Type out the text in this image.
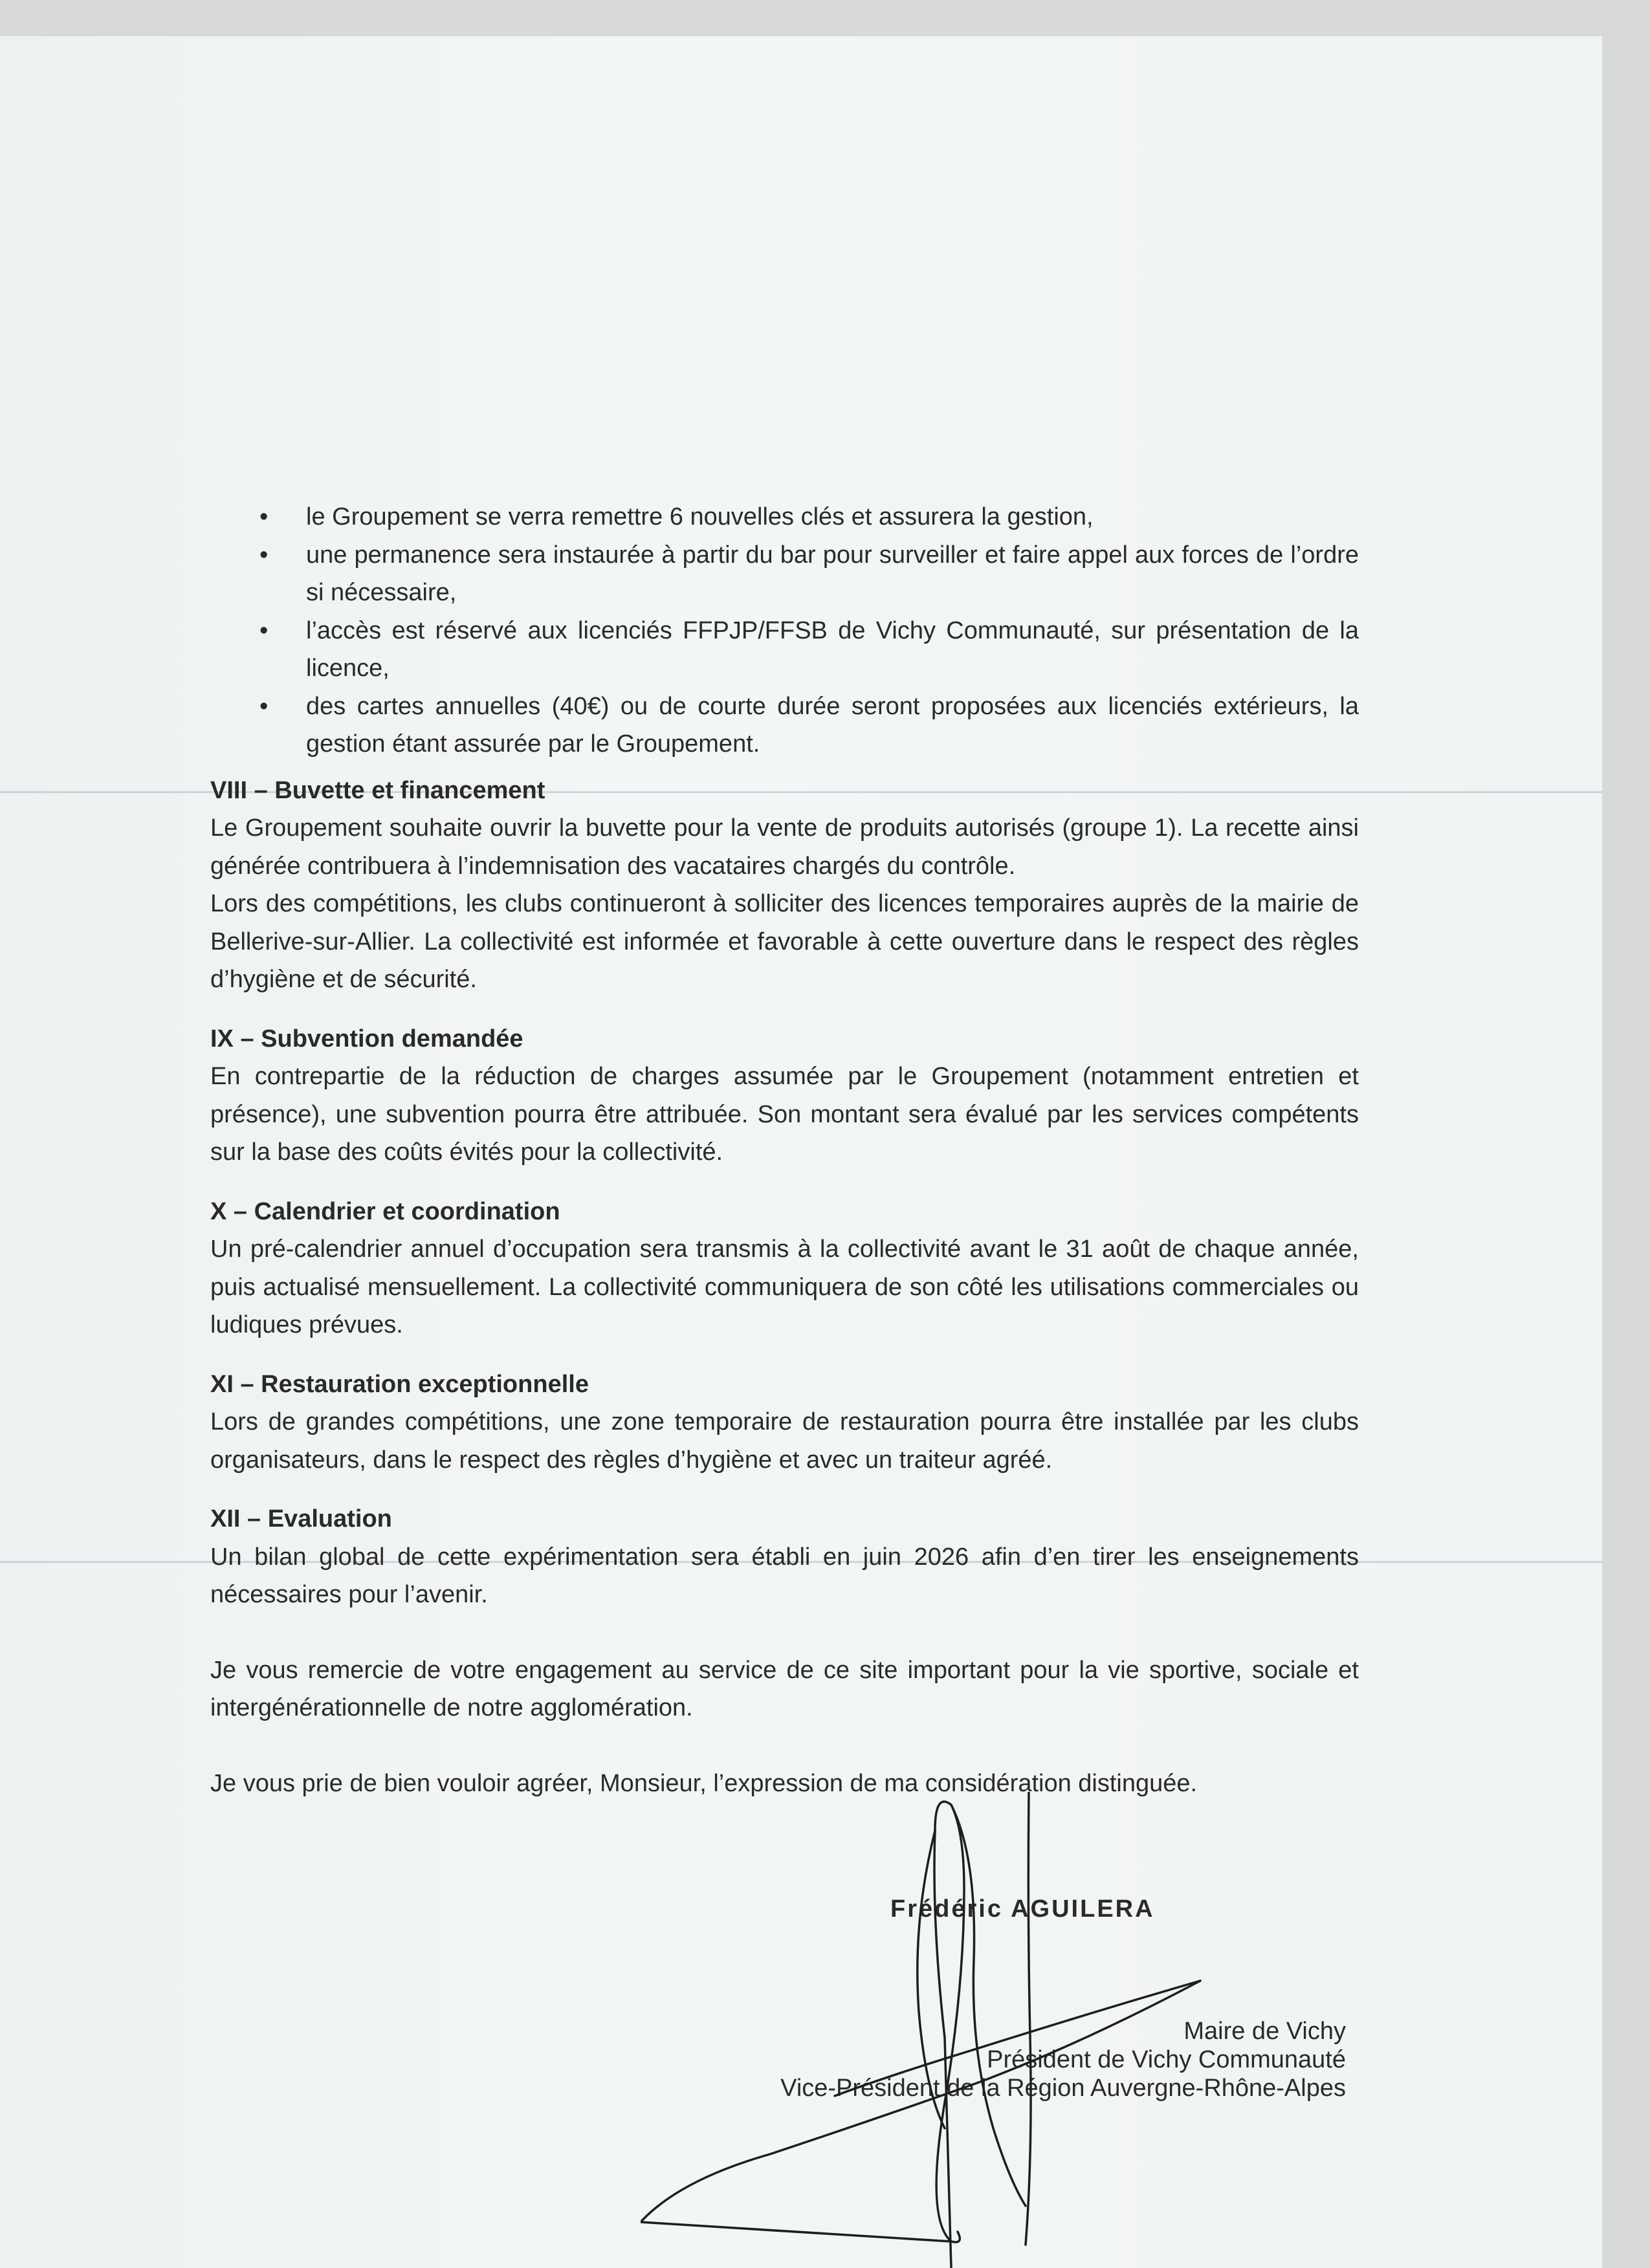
• le Groupement se verra remettre 6 nouvelles clés et assurera la gestion,
• une permanence sera instaurée à partir du bar pour surveiller et faire appel aux forces de l’ordre si nécessaire,
• l’accès est réservé aux licenciés FFPJP/FFSB de Vichy Communauté, sur présentation de la licence,
• des cartes annuelles (40€) ou de courte durée seront proposées aux licenciés extérieurs, la gestion étant assurée par le Groupement.
VIII – Buvette et financement

Le Groupement souhaite ouvrir la buvette pour la vente de produits autorisés (groupe 1). La recette ainsi générée contribuera à l’indemnisation des vacataires chargés du contrôle.

Lors des compétitions, les clubs continueront à solliciter des licences temporaires auprès de la mairie de Bellerive-sur-Allier. La collectivité est informée et favorable à cette ouverture dans le respect des règles d’hygiène et de sécurité.

IX – Subvention demandée

En contrepartie de la réduction de charges assumée par le Groupement (notamment entretien et présence), une subvention pourra être attribuée. Son montant sera évalué par les services compétents sur la base des coûts évités pour la collectivité.

X – Calendrier et coordination

Un pré-calendrier annuel d’occupation sera transmis à la collectivité avant le 31 août de chaque année, puis actualisé mensuellement. La collectivité communiquera de son côté les utilisations commerciales ou ludiques prévues.

XI – Restauration exceptionnelle

Lors de grandes compétitions, une zone temporaire de restauration pourra être installée par les clubs organisateurs, dans le respect des règles d’hygiène et avec un traiteur agréé.

XII – Evaluation

Un bilan global de cette expérimentation sera établi en juin 2026 afin d’en tirer les enseignements nécessaires pour l’avenir.

Je vous remercie de votre engagement au service de ce site important pour la vie sportive, sociale et intergénérationnelle de notre agglomération.

Je vous prie de bien vouloir agréer, Monsieur, l’expression de ma considération distinguée.

Frédéric AGUILERA
Maire de Vichy
Président de Vichy Communauté
Vice-Président de la Région Auvergne-Rhône-Alpes
